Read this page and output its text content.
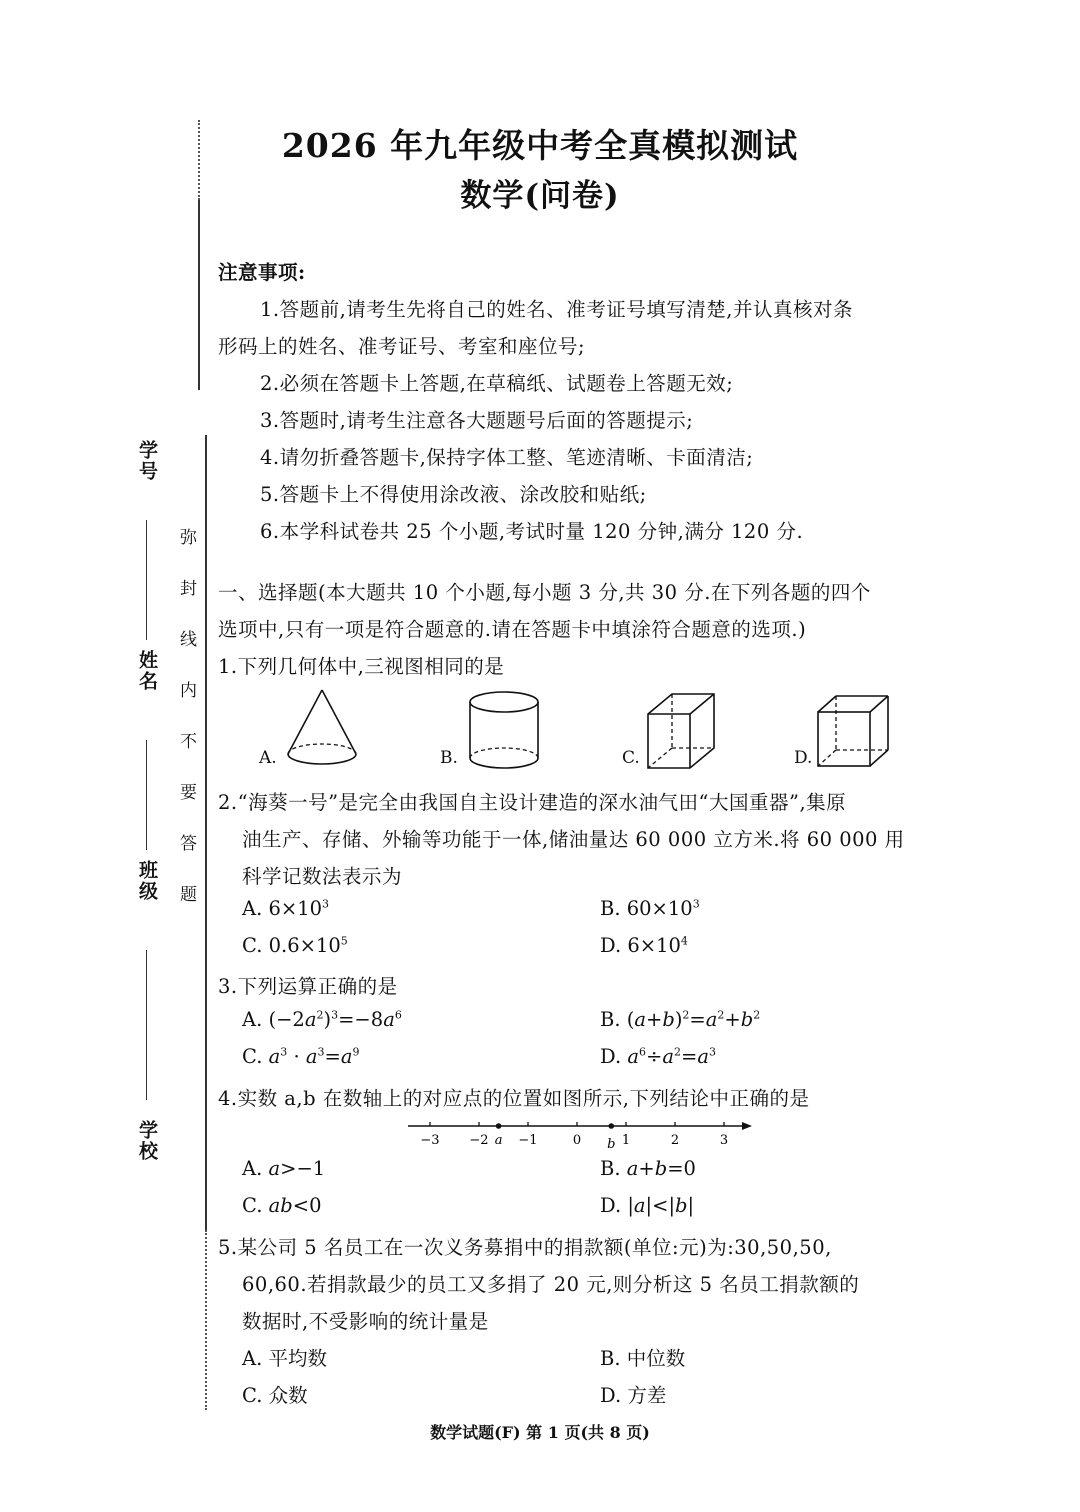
学号
姓名
班级
学校
弥封线内不要答题
2026 年九年级中考全真模拟测试
数学(问卷)
注意事项:
1.答题前,请考生先将自己的姓名、准考证号填写清楚,并认真核对条
形码上的姓名、准考证号、考室和座位号;
2.必须在答题卡上答题,在草稿纸、试题卷上答题无效;
3.答题时,请考生注意各大题题号后面的答题提示;
4.请勿折叠答题卡,保持字体工整、笔迹清晰、卡面清洁;
5.答题卡上不得使用涂改液、涂改胶和贴纸;
6.本学科试卷共 25 个小题,考试时量 120 分钟,满分 120 分.
一、选择题(本大题共 10 个小题,每小题 3 分,共 30 分.在下列各题的四个
选项中,只有一项是符合题意的.请在答题卡中填涂符合题意的选项.)
1.下列几何体中,三视图相同的是
A.	B.	C.	D.
2.“海葵一号”是完全由我国自主设计建造的深水油气田“大国重器”,集原
油生产、存储、外输等功能于一体,储油量达 60 000 立方米.将 60 000 用
科学记数法表示为
A. $6\times 10^3$	B. $60\times 10^3$
C. $0.6\times 10^5$	D. $6\times 10^4$
3.下列运算正确的是
A. $(-2a^2)^3=-8a^6$	B. $(a+b)^2=a^2+b^2$
C. $a^3 \cdot a^3=a^9$	D. $a^6\div a^2=a^3$
4.实数 a,b 在数轴上的对应点的位置如图所示,下列结论中正确的是
−3 −2 −1	0	1	2	3
a	b
A. a>−1	B. a+b=0
C. ab<0	D. |a|<|b|
5.某公司 5 名员工在一次义务募捐中的捐款额(单位:元)为:30,50,50,
60,60.若捐款最少的员工又多捐了 20 元,则分析这 5 名员工捐款额的
数据时,不受影响的统计量是
A. 平均数	B. 中位数
C. 众数	D. 方差
数学试题(F) 第 1 页(共 8 页)
